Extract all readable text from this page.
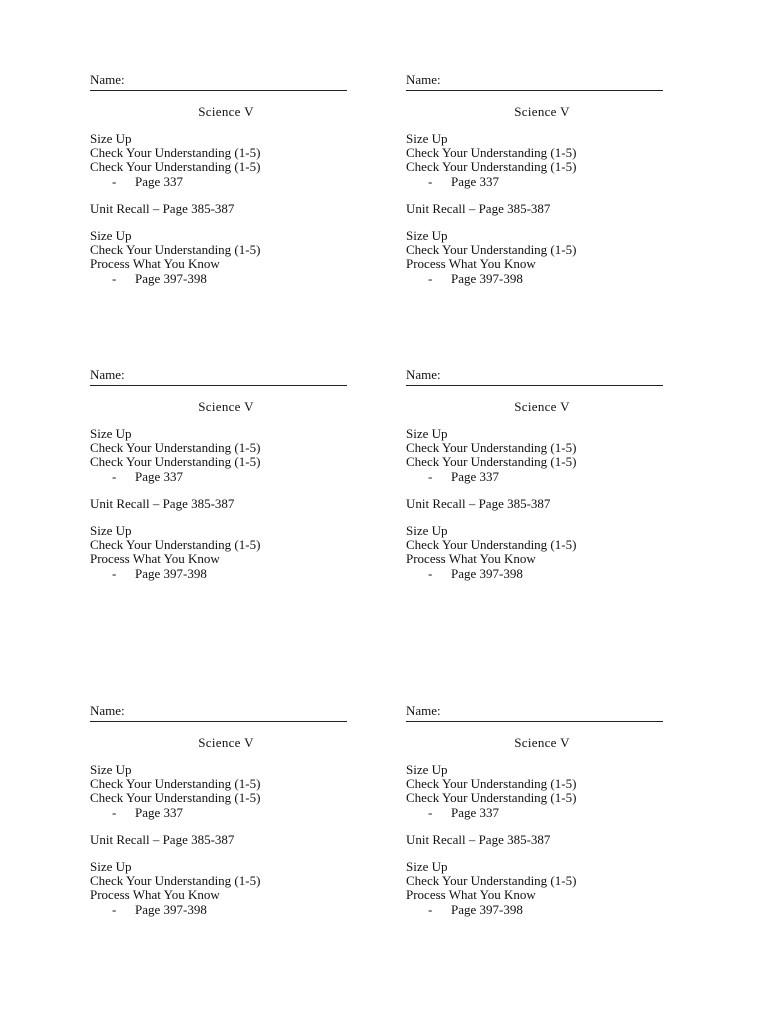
Name:
Science V
Size Up
Check Your Understanding (1-5)
Check Your Understanding (1-5)
- Page 337
Unit Recall – Page 385-387
Size Up
Check Your Understanding (1-5)
Process What You Know
- Page 397-398
Name:
Science V
Size Up
Check Your Understanding (1-5)
Check Your Understanding (1-5)
- Page 337
Unit Recall – Page 385-387
Size Up
Check Your Understanding (1-5)
Process What You Know
- Page 397-398
Name:
Science V
Size Up
Check Your Understanding (1-5)
Check Your Understanding (1-5)
- Page 337
Unit Recall – Page 385-387
Size Up
Check Your Understanding (1-5)
Process What You Know
- Page 397-398
Name:
Science V
Size Up
Check Your Understanding (1-5)
Check Your Understanding (1-5)
- Page 337
Unit Recall – Page 385-387
Size Up
Check Your Understanding (1-5)
Process What You Know
- Page 397-398
Name:
Science V
Size Up
Check Your Understanding (1-5)
Check Your Understanding (1-5)
- Page 337
Unit Recall – Page 385-387
Size Up
Check Your Understanding (1-5)
Process What You Know
- Page 397-398
Name:
Science V
Size Up
Check Your Understanding (1-5)
Check Your Understanding (1-5)
- Page 337
Unit Recall – Page 385-387
Size Up
Check Your Understanding (1-5)
Process What You Know
- Page 397-398
